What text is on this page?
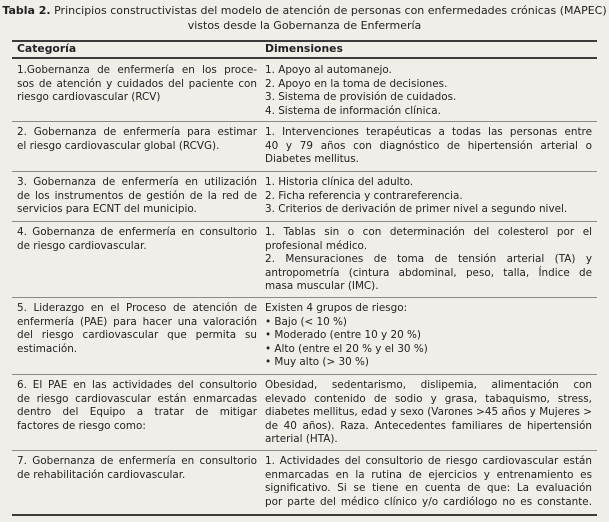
Tabla 2. Principios constructivistas del modelo de atención de personas con enfermedades crónicas (MAPEC)
vistos desde la Gobernanza de Enfermería
Categoría	Dimensiones
1.Gobernanza de enfermería en los proce-
sos de atención y cuidados del paciente con
riesgo cardiovascular (RCV)
1. Apoyo al automanejo.
2. Apoyo en la toma de decisiones.
3. Sistema de provisión de cuidados.
4. Sistema de información clínica.
2. Gobernanza de enfermería para estimar
el riesgo cardiovascular global (RCVG).
1. Intervenciones terapéuticas a todas las personas entre
40 y 79 años con diagnóstico de hipertensión arterial o
Diabetes mellitus.
3. Gobernanza de enfermería en utilización
de los instrumentos de gestión de la red de
servicios para ECNT del municipio.
1. Historia clínica del adulto.
2. Ficha referencia y contrareferencia.
3. Criterios de derivación de primer nivel a segundo nivel.
4. Gobernanza de enfermería en consultorio
de riesgo cardiovascular.
1. Tablas sin o con determinación del colesterol por el
profesional médico.
2. Mensuraciones de toma de tensión arterial (TA) y
antropometría (cintura abdominal, peso, talla, Índice de
masa muscular (IMC).
5. Liderazgo en el Proceso de atención de
enfermería (PAE) para hacer una valoración
del riesgo cardiovascular que permita su
estimación.
Existen 4 grupos de riesgo:
• Bajo (< 10 %)
• Moderado (entre 10 y 20 %)
• Alto (entre el 20 % y el 30 %)
• Muy alto (> 30 %)
6. El PAE en las actividades del consultorio
de riesgo cardiovascular están enmarcadas
dentro del Equipo a tratar de mitigar
factores de riesgo como:
Obesidad, sedentarismo, dislipemia, alimentación con
elevado contenido de sodio y grasa, tabaquismo, stress,
diabetes mellitus, edad y sexo (Varones >45 años y Mujeres >
de 40 años). Raza. Antecedentes familiares de hipertensión
arterial (HTA).
7. Gobernanza de enfermería en consultorio
de rehabilitación cardiovascular.
1. Actividades del consultorio de riesgo cardiovascular están
enmarcadas en la rutina de ejercicios y entrenamiento es
significativo. Si se tiene en cuenta de que: La evaluación
por parte del médico clínico y/o cardiólogo no es constante.
